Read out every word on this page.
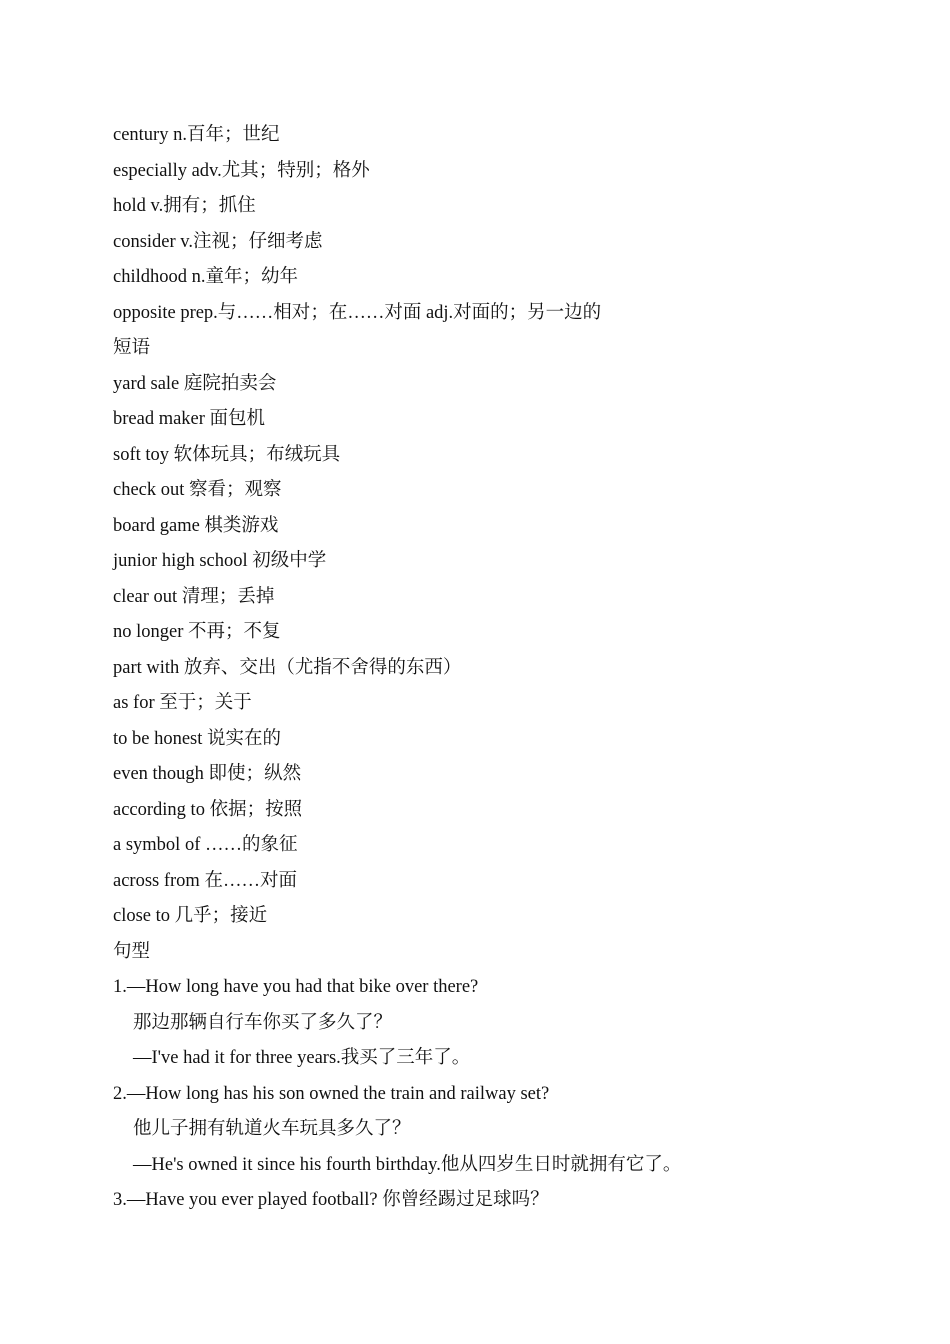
century n.百年；世纪
especially adv.尤其；特别；格外
hold v.拥有；抓住
consider v.注视；仔细考虑
childhood n.童年；幼年
opposite prep.与……相对；在……对面 adj.对面的；另一边的
短语
yard sale 庭院拍卖会
bread maker 面包机
soft toy 软体玩具；布绒玩具
check out 察看；观察
board game 棋类游戏
junior high school 初级中学
clear out 清理；丢掉
no longer 不再；不复
part with 放弃、交出（尤指不舍得的东西）
as for 至于；关于
to be honest 说实在的
even though 即使；纵然
according to 依据；按照
a symbol of ……的象征
across from 在……对面
close to 几乎；接近
句型
1.—How long have you had that bike over there?
那边那辆自行车你买了多久了？
—I've had it for three years.我买了三年了。
2.—How long has his son owned the train and railway set?
他儿子拥有轨道火车玩具多久了？
—He's owned it since his fourth birthday.他从四岁生日时就拥有它了。
3.—Have you ever played football? 你曾经踢过足球吗？
